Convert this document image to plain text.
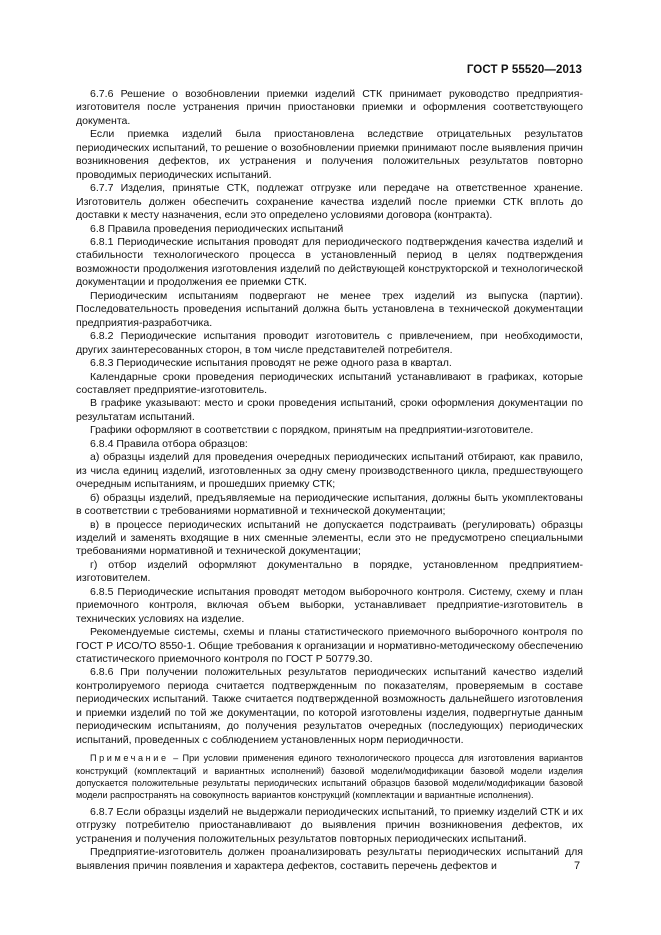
ГОСТ Р 55520—2013

6.7.6 Решение о возобновлении приемки изделий СТК принимает руководство предприятия-изготовителя после устранения причин приостановки приемки и оформления соответствующего документа.

Если приемка изделий была приостановлена вследствие отрицательных результатов периодических испытаний, то решение о возобновлении приемки принимают после выявления причин возникновения дефектов, их устранения и получения положительных результатов повторно проводимых периодических испытаний.

6.7.7 Изделия, принятые СТК, подлежат отгрузке или передаче на ответственное хранение. Изготовитель должен обеспечить сохранение качества изделий после приемки СТК вплоть до доставки к месту назначения, если это определено условиями договора (контракта).

6.8 Правила проведения периодических испытаний

6.8.1 Периодические испытания проводят для периодического подтверждения качества изделий и стабильности технологического процесса в установленный период в целях подтверждения возможности продолжения изготовления изделий по действующей конструкторской и технологической документации и продолжения ее приемки СТК.

Периодическим испытаниям подвергают не менее трех изделий из выпуска (партии). Последовательность проведения испытаний должна быть установлена в технической документации предприятия-разработчика.

6.8.2 Периодические испытания проводит изготовитель с привлечением, при необходимости, других заинтересованных сторон, в том числе представителей потребителя.

6.8.3 Периодические испытания проводят не реже одного раза в квартал.

Календарные сроки проведения периодических испытаний устанавливают в графиках, которые составляет предприятие-изготовитель.

В графике указывают: место и сроки проведения испытаний, сроки оформления документации по результатам испытаний.

Графики оформляют в соответствии с порядком, принятым на предприятии-изготовителе.

6.8.4 Правила отбора образцов:

а) образцы изделий для проведения очередных периодических испытаний отбирают, как правило, из числа единиц изделий, изготовленных за одну смену производственного цикла, предшествующего очередным испытаниям, и прошедших приемку СТК;

б) образцы изделий, предъявляемые на периодические испытания, должны быть укомплектованы в соответствии с требованиями нормативной и технической документации;

в) в процессе периодических испытаний не допускается подстраивать (регулировать) образцы изделий и заменять входящие в них сменные элементы, если это не предусмотрено специальными требованиями нормативной и технической документации;

г) отбор изделий оформляют документально в порядке, установленном предприятием-изготовителем.

6.8.5 Периодические испытания проводят методом выборочного контроля. Систему, схему и план приемочного контроля, включая объем выборки, устанавливает предприятие-изготовитель в технических условиях на изделие.

Рекомендуемые системы, схемы и планы статистического приемочного выборочного контроля по ГОСТ Р ИСО/ТО 8550-1. Общие требования к организации и нормативно-методическому обеспечению статистического приемочного контроля по ГОСТ Р 50779.30.

6.8.6 При получении положительных результатов периодических испытаний качество изделий контролируемого периода считается подтвержденным по показателям, проверяемым в составе периодических испытаний. Также считается подтвержденной возможность дальнейшего изготовления и приемки изделий по той же документации, по которой изготовлены изделия, подвергнутые данным периодическим испытаниям, до получения результатов очередных (последующих) периодических испытаний, проведенных с соблюдением установленных норм периодичности.

Примечание – При условии применения единого технологического процесса для изготовления вариантов конструкций (комплектаций и вариантных исполнений) базовой модели/модификации базовой модели изделия допускается положительные результаты периодических испытаний образцов базовой модели/модификации базовой модели распространять на совокупность вариантов конструкций (комплектации и вариантные исполнения).

6.8.7 Если образцы изделий не выдержали периодических испытаний, то приемку изделий СТК и их отгрузку потребителю приостанавливают до выявления причин возникновения дефектов, их устранения и получения положительных результатов повторных периодических испытаний.

Предприятие-изготовитель должен проанализировать результаты периодических испытаний для выявления причин появления и характера дефектов, составить перечень дефектов и	7
